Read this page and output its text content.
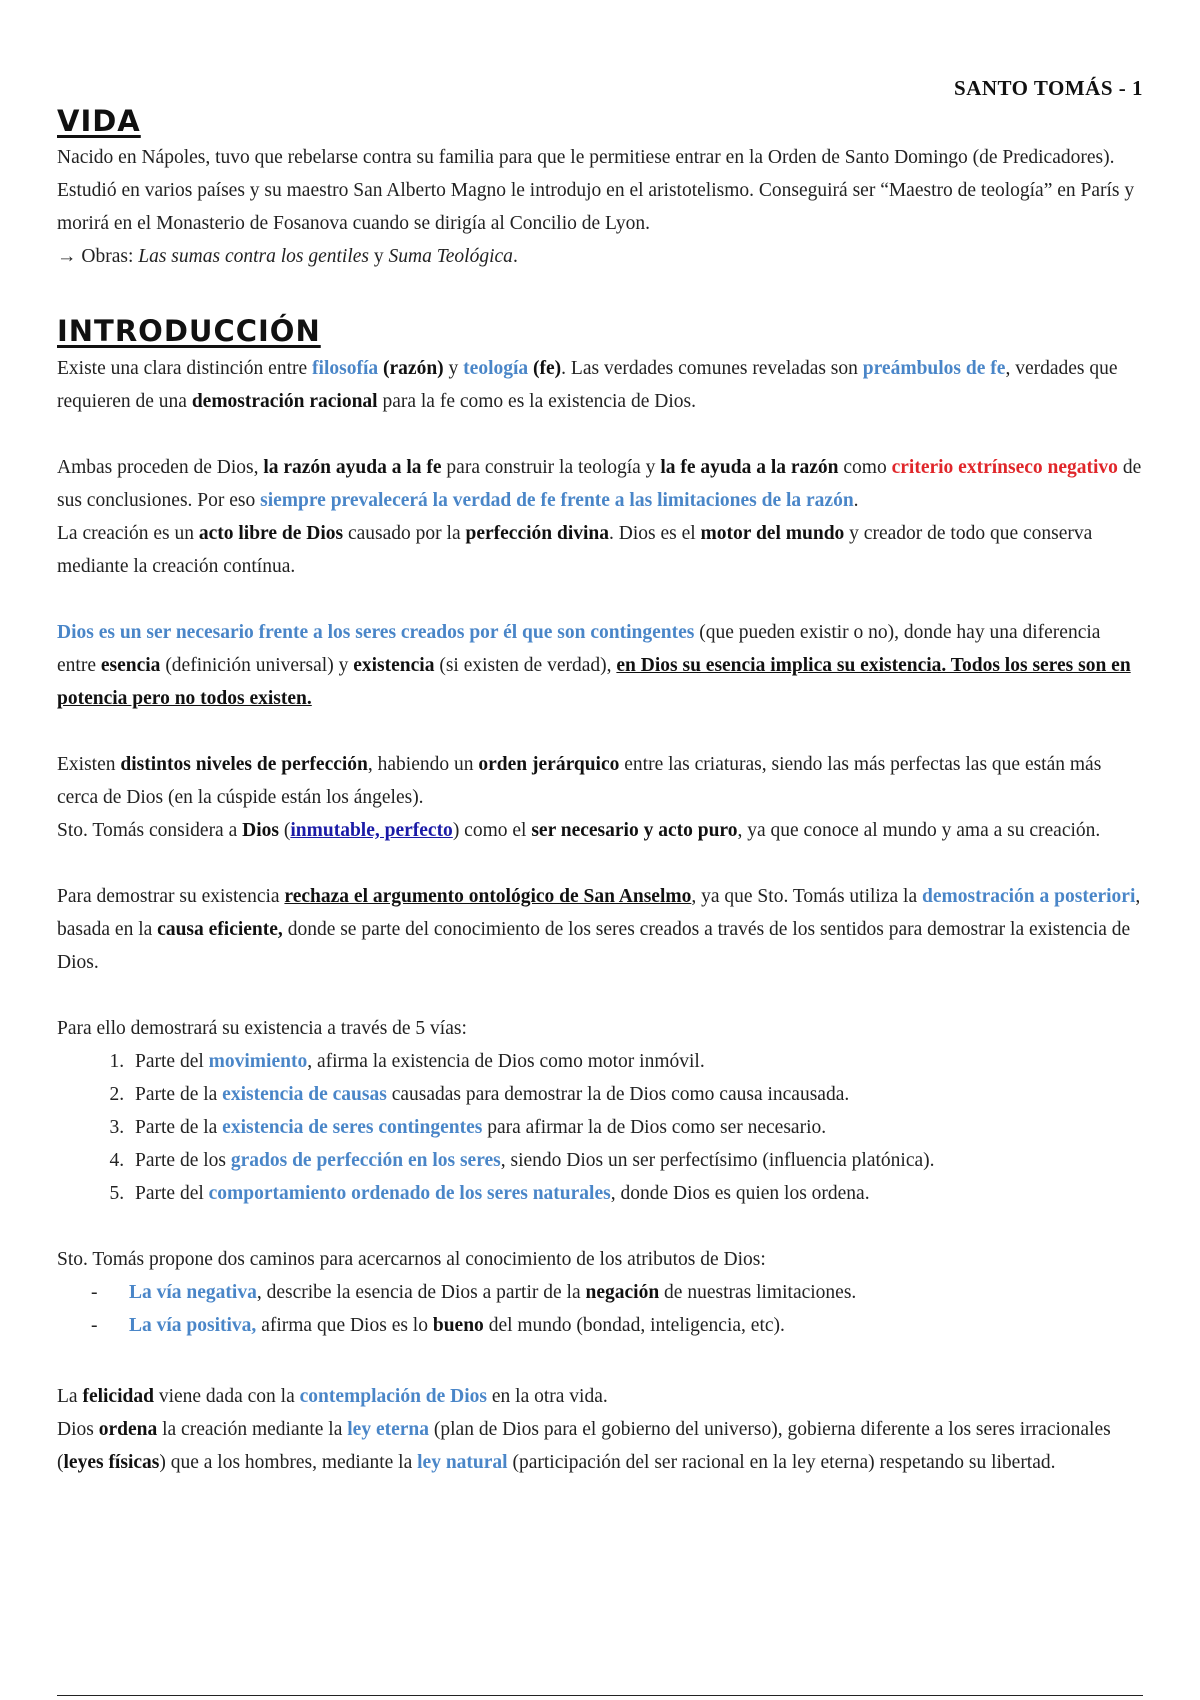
SANTO TOMÁS - 1
VIDA

Nacido en Nápoles, tuvo que rebelarse contra su familia para que le permitiese entrar en la Orden de Santo Domingo (de Predicadores). Estudió en varios países y su maestro San Alberto Magno le introdujo en el aristotelismo. Conseguirá ser “Maestro de teología” en París y morirá en el Monasterio de Fosanova cuando se dirigía al Concilio de Lyon.

→ Obras: Las sumas contra los gentiles y Suma Teológica.

INTRODUCCIÓN

Existe una clara distinción entre filosofía (razón) y teología (fe). Las verdades comunes reveladas son preámbulos de fe, verdades que requieren de una demostración racional para la fe como es la existencia de Dios.

Ambas proceden de Dios, la razón ayuda a la fe para construir la teología y la fe ayuda a la razón como criterio extrínseco negativo de sus conclusiones. Por eso siempre prevalecerá la verdad de fe frente a las limitaciones de la razón.

La creación es un acto libre de Dios causado por la perfección divina. Dios es el motor del mundo y creador de todo que conserva mediante la creación contínua.

Dios es un ser necesario frente a los seres creados por él que son contingentes (que pueden existir o no), donde hay una diferencia entre esencia (definición universal) y existencia (si existen de verdad), en Dios su esencia implica su existencia. Todos los seres son en potencia pero no todos existen.

Existen distintos niveles de perfección, habiendo un orden jerárquico entre las criaturas, siendo las más perfectas las que están más cerca de Dios (en la cúspide están los ángeles).

Sto. Tomás considera a Dios (inmutable, perfecto) como el ser necesario y acto puro, ya que conoce al mundo y ama a su creación.

Para demostrar su existencia rechaza el argumento ontológico de San Anselmo, ya que Sto. Tomás utiliza la demostración a posteriori, basada en la causa eficiente, donde se parte del conocimiento de los seres creados a través de los sentidos para demostrar la existencia de Dios.

Para ello demostrará su existencia a través de 5 vías:

1. Parte del movimiento, afirma la existencia de Dios como motor inmóvil.
2. Parte de la existencia de causas causadas para demostrar la de Dios como causa incausada.
3. Parte de la existencia de seres contingentes para afirmar la de Dios como ser necesario.
4. Parte de los grados de perfección en los seres, siendo Dios un ser perfectísimo (influencia platónica).
5. Parte del comportamiento ordenado de los seres naturales, donde Dios es quien los ordena.

Sto. Tomás propone dos caminos para acercarnos al conocimiento de los atributos de Dios:

- La vía negativa, describe la esencia de Dios a partir de la negación de nuestras limitaciones.
- La vía positiva, afirma que Dios es lo bueno del mundo (bondad, inteligencia, etc).

La felicidad viene dada con la contemplación de Dios en la otra vida.

Dios ordena la creación mediante la ley eterna (plan de Dios para el gobierno del universo), gobierna diferente a los seres irracionales (leyes físicas) que a los hombres, mediante la ley natural (participación del ser racional en la ley eterna) respetando su libertad.
